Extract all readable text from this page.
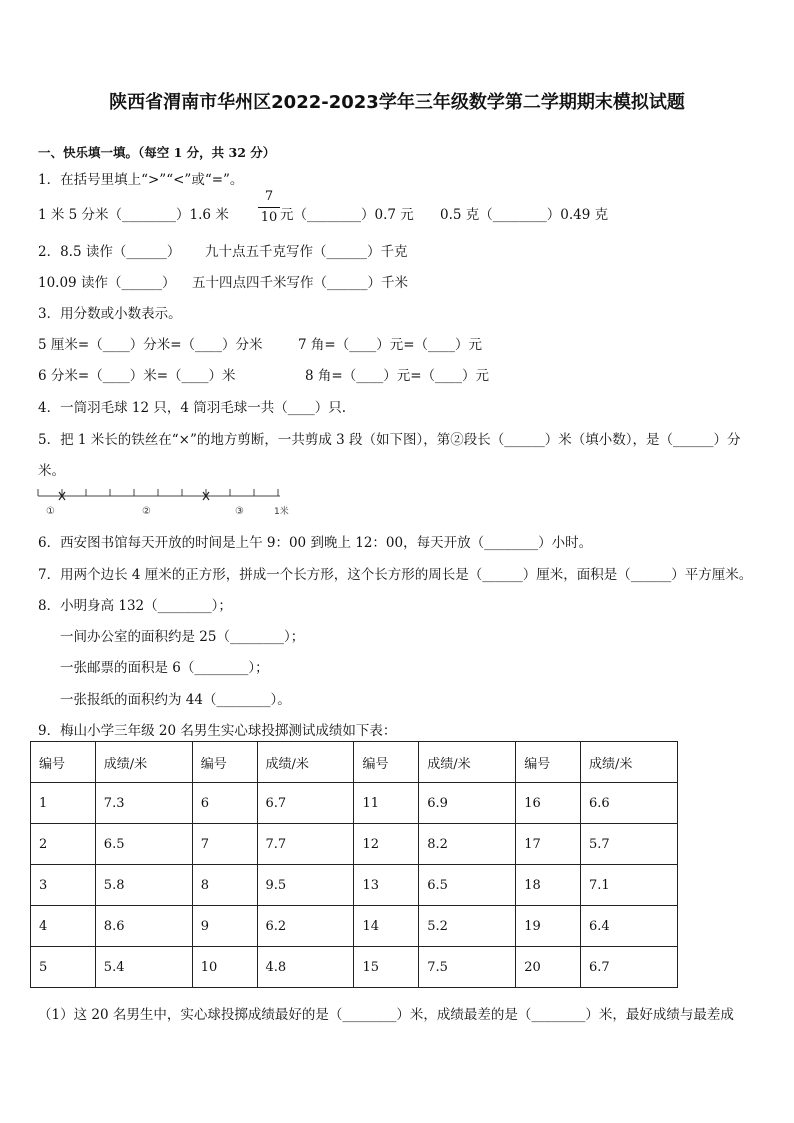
陕西省渭南市华州区2022-2023学年三年级数学第二学期期末模拟试题
一、快乐填一填。（每空 1 分，共 32 分）
1．在括号里填上“>”“<”或“=”。
1 米 5 分米（________）1.6 米
7
10 元（________）0.7 元 0.5 克（________）0.49 克
2．8.5 读作（______） 九十点五千克写作（______）千克
10.09 读作（______） 五十四点四千米写作（______）千米
3．用分数或小数表示。
5 厘米=（____）分米=（____）分米	7 角=（____）元=（____）元
6 分米=（____）米=（____）米	8 角=（____）元=（____）元
4．一筒羽毛球 12 只，4 筒羽毛球一共（____）只.
5．把 1 米长的铁丝在“×”的地方剪断，一共剪成 3 段（如下图），第②段长（______）米（填小数），是（______）分
米。
①	②	③	1米
6．西安图书馆每天开放的时间是上午 9：00 到晚上 12：00，每天开放（________）小时。
7．用两个边长 4 厘米的正方形，拼成一个长方形，这个长方形的周长是（______）厘米，面积是（______）平方厘米。
8．小明身高 132（________）；
一间办公室的面积约是 25（________）；
一张邮票的面积是 6（________）；
一张报纸的面积约为 44（________）。
9．梅山小学三年级 20 名男生实心球投掷测试成绩如下表：
编号	成绩/米	编号	成绩/米	编号	成绩/米	编号	成绩/米
1	7.3	6	6.7	11	6.9	16	6.6
2	6.5	7	7.7	12	8.2	17	5.7
3	5.8	8	9.5	13	6.5	18	7.1
4	8.6	9	6.2	14	5.2	19	6.4
5	5.4	10	4.8	15	7.5	20	6.7
（1）这 20 名男生中，实心球投掷成绩最好的是（________）米，成绩最差的是（________）米，最好成绩与最差成
